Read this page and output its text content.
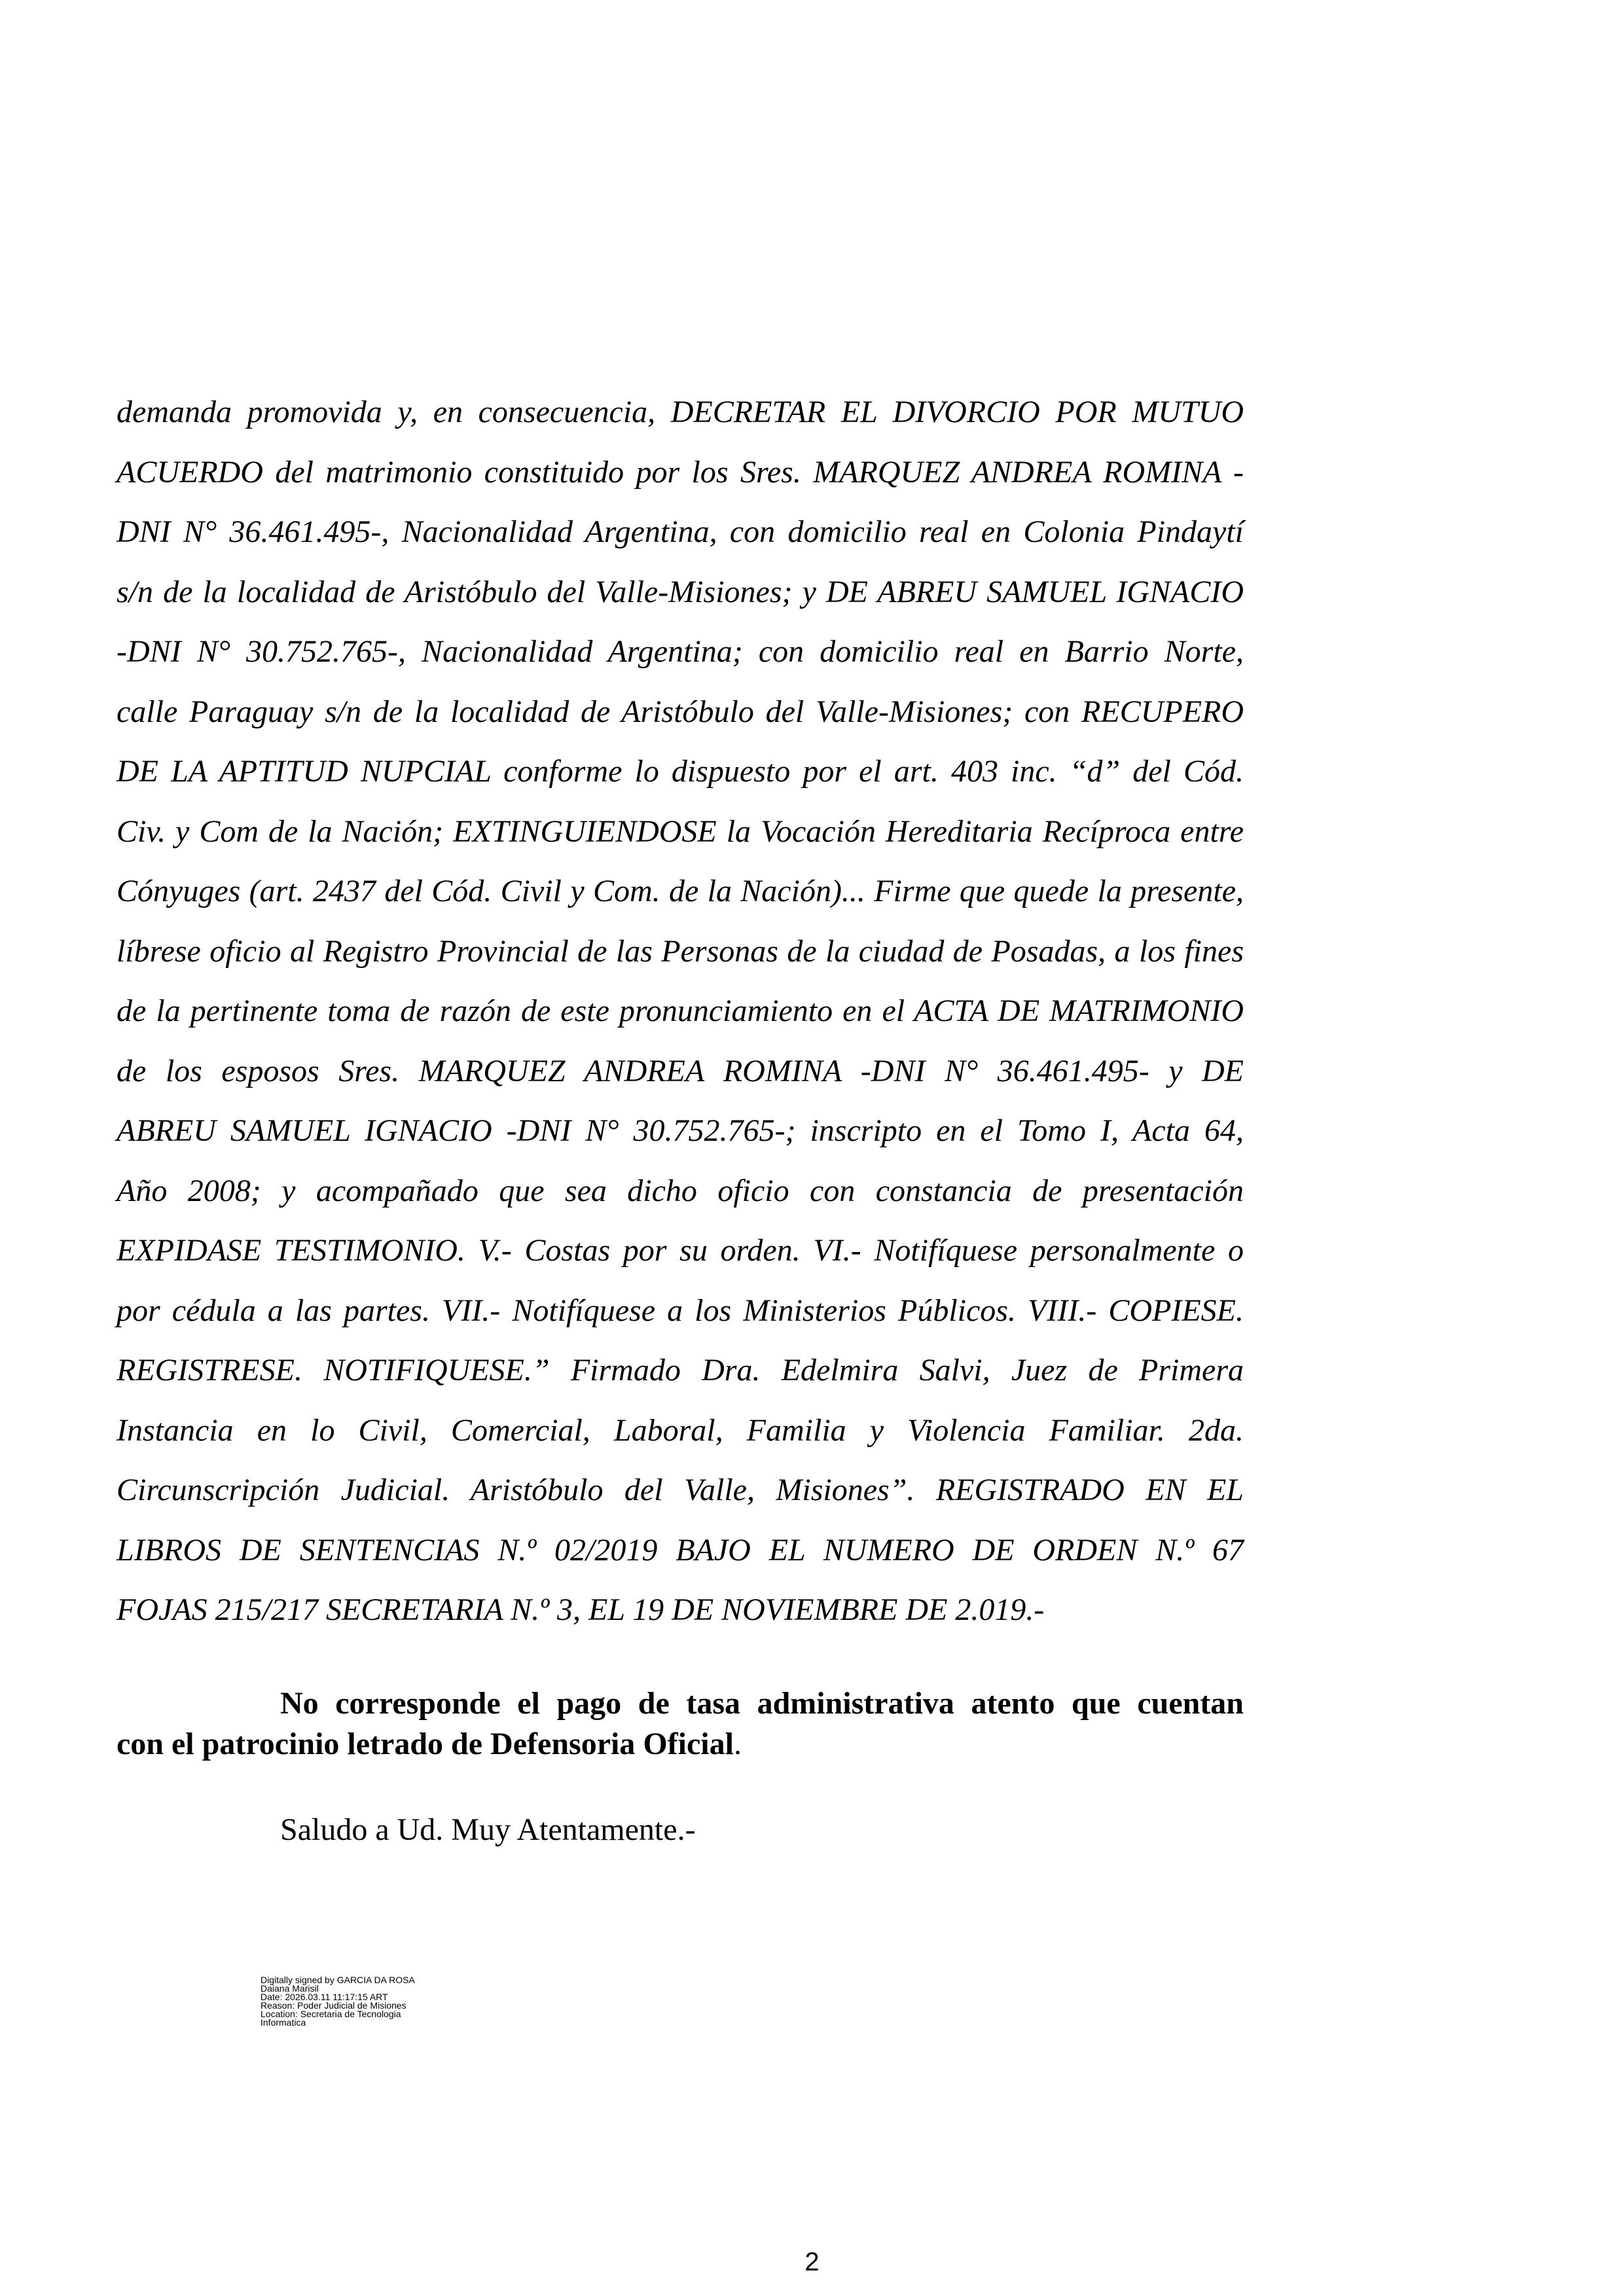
demanda promovida y, en consecuencia, DECRETAR EL DIVORCIO POR MUTUO
ACUERDO del matrimonio constituido por los Sres. MARQUEZ ANDREA ROMINA -
DNI N° 36.461.495-, Nacionalidad Argentina, con domicilio real en Colonia Pindaytí
s/n de la localidad de Aristóbulo del Valle-Misiones; y DE ABREU SAMUEL IGNACIO
-DNI N° 30.752.765-, Nacionalidad Argentina; con domicilio real en Barrio Norte,
calle Paraguay s/n de la localidad de Aristóbulo del Valle-Misiones; con RECUPERO
DE LA APTITUD NUPCIAL conforme lo dispuesto por el art. 403 inc. “d” del Cód.
Civ. y Com de la Nación; EXTINGUIENDOSE la Vocación Hereditaria Recíproca entre
Cónyuges (art. 2437 del Cód. Civil y Com. de la Nación)... Firme que quede la presente,
líbrese oficio al Registro Provincial de las Personas de la ciudad de Posadas, a los fines
de la pertinente toma de razón de este pronunciamiento en el ACTA DE MATRIMONIO
de los esposos Sres. MARQUEZ ANDREA ROMINA -DNI N° 36.461.495- y DE
ABREU SAMUEL IGNACIO -DNI N° 30.752.765-; inscripto en el Tomo I, Acta 64,
Año 2008; y acompañado que sea dicho oficio con constancia de presentación
EXPIDASE TESTIMONIO. V.- Costas por su orden. VI.- Notifíquese personalmente o
por cédula a las partes. VII.- Notifíquese a los Ministerios Públicos. VIII.- COPIESE.
REGISTRESE. NOTIFIQUESE.” Firmado Dra. Edelmira Salvi, Juez de Primera
Instancia en lo Civil, Comercial, Laboral, Familia y Violencia Familiar. 2da.
Circunscripción Judicial. Aristóbulo del Valle, Misiones”. REGISTRADO EN EL
LIBROS DE SENTENCIAS N.º 02/2019 BAJO EL NUMERO DE ORDEN N.º 67
FOJAS 215/217 SECRETARIA N.º 3, EL 19 DE NOVIEMBRE DE 2.019.-
No corresponde el pago de tasa administrativa atento que cuentan
con el patrocinio letrado de Defensoria Oficial.
Saludo a Ud. Muy Atentamente.-
Digitally signed by GARCIA DA ROSA
Daiana Marisil
Date: 2026.03.11 11:17:15 ART
Reason: Poder Judicial de Misiones
Location: Secretaria de Tecnologia
Informatica
2
